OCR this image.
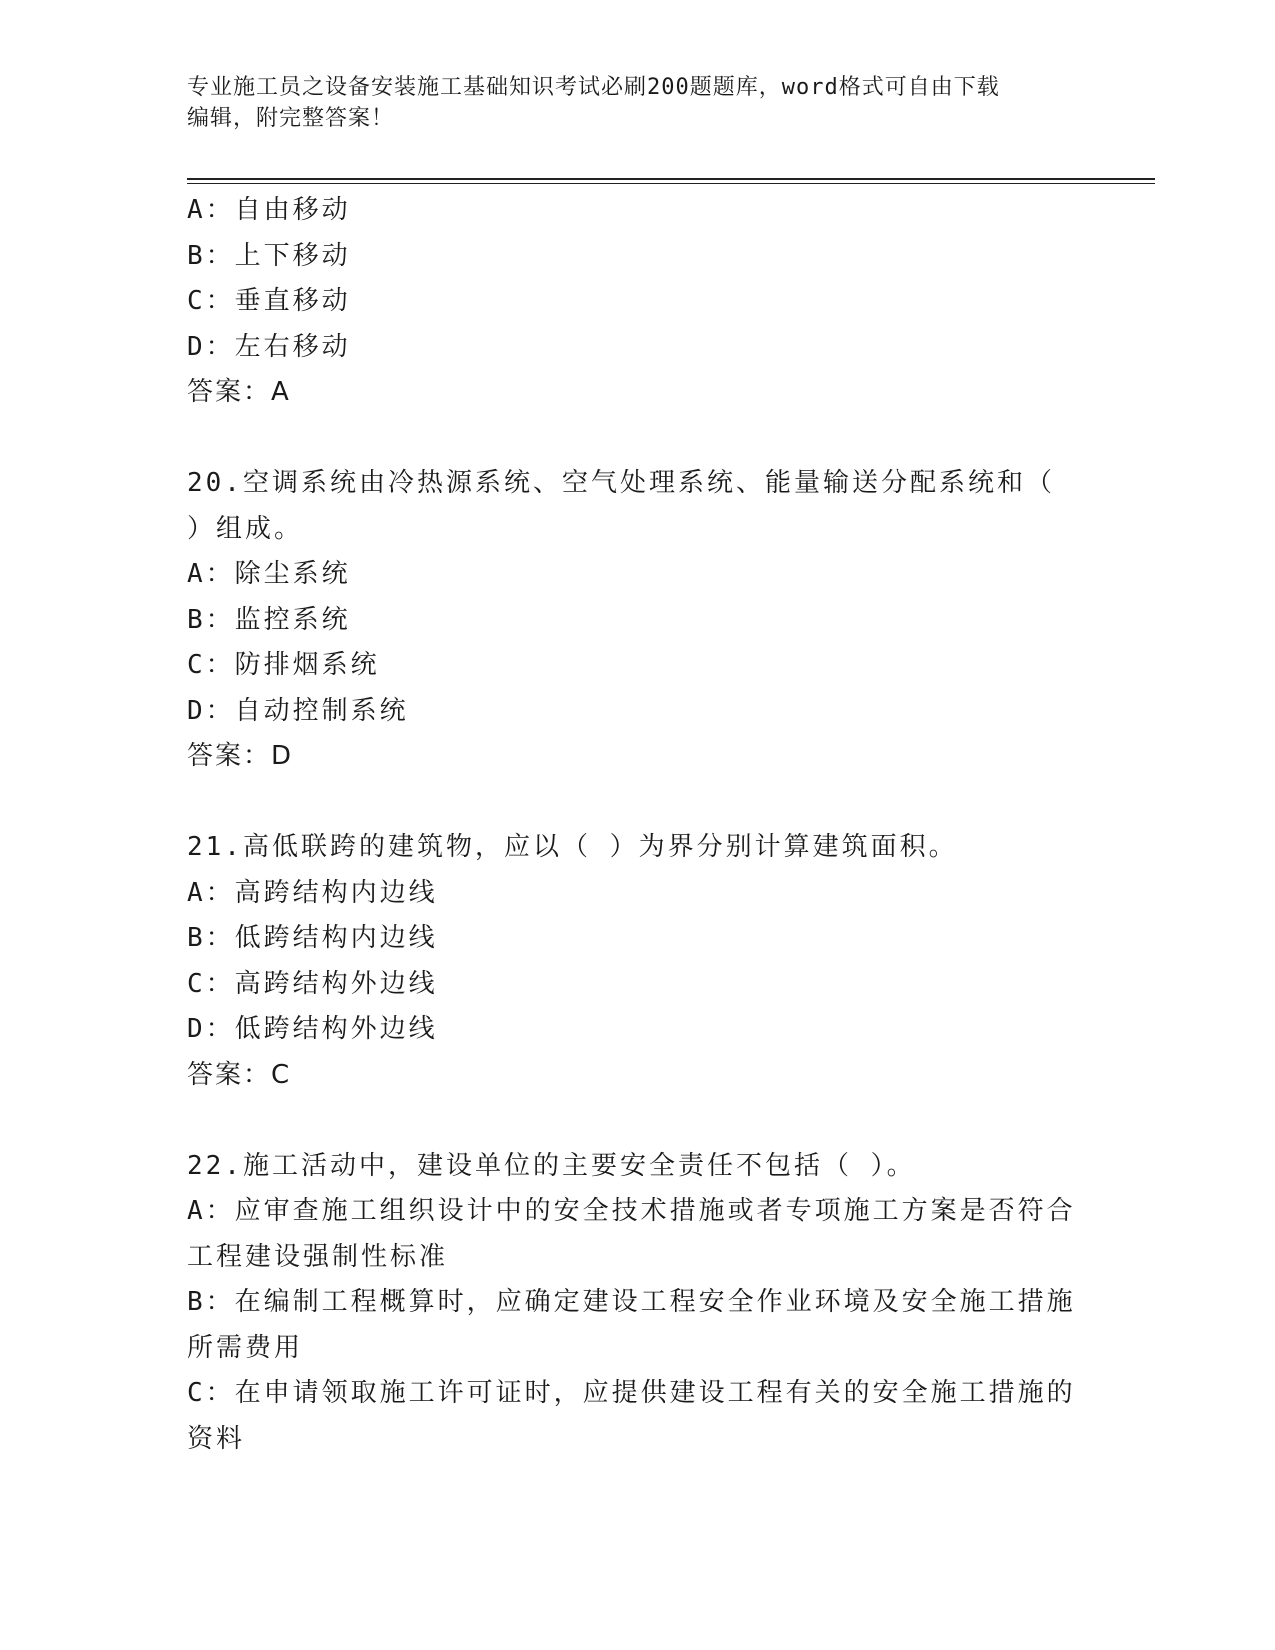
专业施工员之设备安装施工基础知识考试必刷200题题库，word格式可自由下载
编辑，附完整答案！
A：自由移动
B：上下移动
C：垂直移动
D：左右移动
答案：A
20.空调系统由冷热源系统、空气处理系统、能量输送分配系统和（
）组成。
A：除尘系统
B：监控系统
C：防排烟系统
D：自动控制系统
答案：D
21.高低联跨的建筑物，应以（ ）为界分别计算建筑面积。
A：高跨结构内边线
B：低跨结构内边线
C：高跨结构外边线
D：低跨结构外边线
答案：C
22.施工活动中，建设单位的主要安全责任不包括（ ）。
A：应审查施工组织设计中的安全技术措施或者专项施工方案是否符合
工程建设强制性标准
B：在编制工程概算时，应确定建设工程安全作业环境及安全施工措施
所需费用
C：在申请领取施工许可证时，应提供建设工程有关的安全施工措施的
资料
